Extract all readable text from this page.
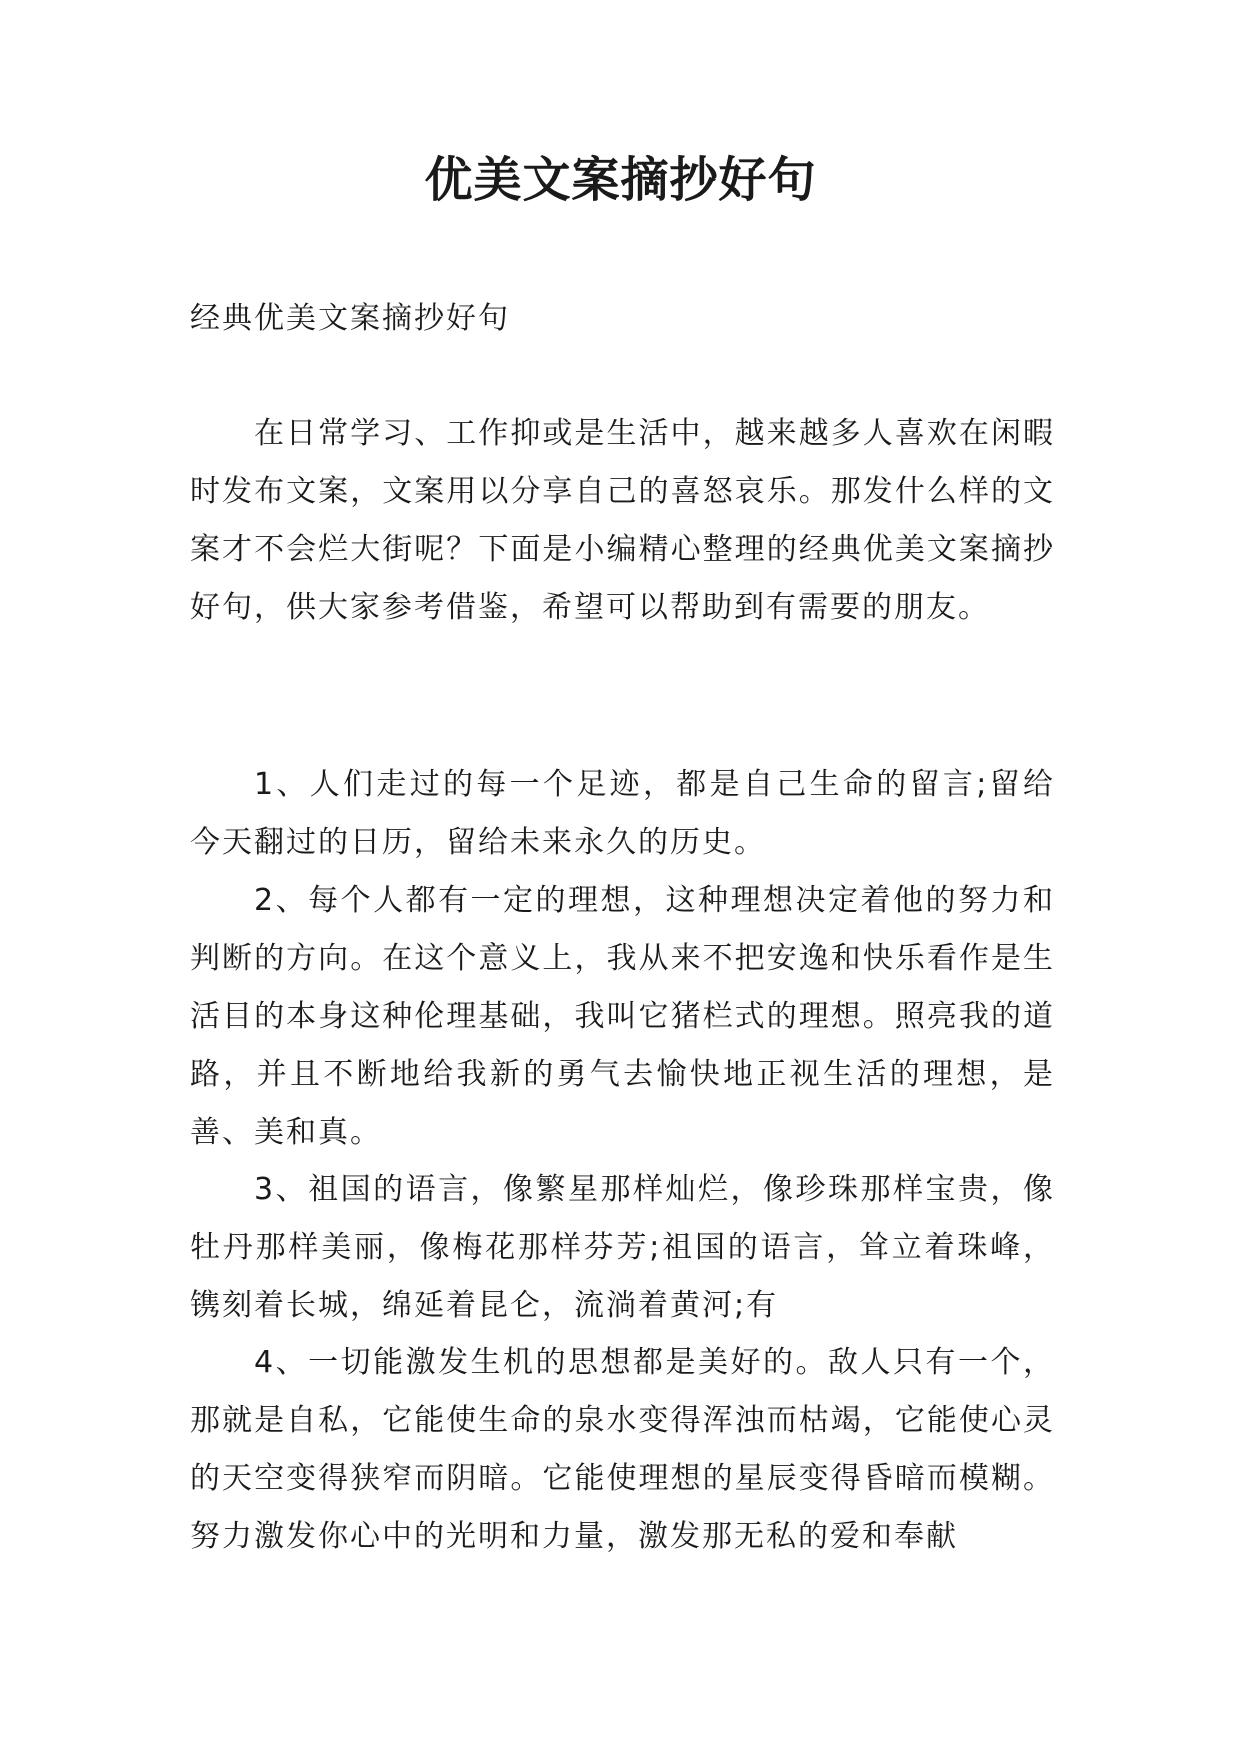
优美文案摘抄好句

经典优美文案摘抄好句

在日常学习、工作抑或是生活中，越来越多人喜欢在闲暇时发布文案，文案用以分享自己的喜怒哀乐。那发什么样的文案才不会烂大街呢？下面是小编精心整理的经典优美文案摘抄好句，供大家参考借鉴，希望可以帮助到有需要的朋友。

1、人们走过的每一个足迹，都是自己生命的留言;留给今天翻过的日历，留给未来永久的历史。

2、每个人都有一定的理想，这种理想决定着他的努力和判断的方向。在这个意义上，我从来不把安逸和快乐看作是生活目的本身这种伦理基础，我叫它猪栏式的理想。照亮我的道路，并且不断地给我新的勇气去愉快地正视生活的理想，是善、美和真。

3、祖国的语言，像繁星那样灿烂，像珍珠那样宝贵，像牡丹那样美丽，像梅花那样芬芳;祖国的语言，耸立着珠峰，镌刻着长城，绵延着昆仑，流淌着黄河;有

4、一切能激发生机的思想都是美好的。敌人只有一个，那就是自私，它能使生命的泉水变得浑浊而枯竭，它能使心灵的天空变得狭窄而阴暗。它能使理想的星辰变得昏暗而模糊。努力激发你心中的光明和力量，激发那无私的爱和奉献
